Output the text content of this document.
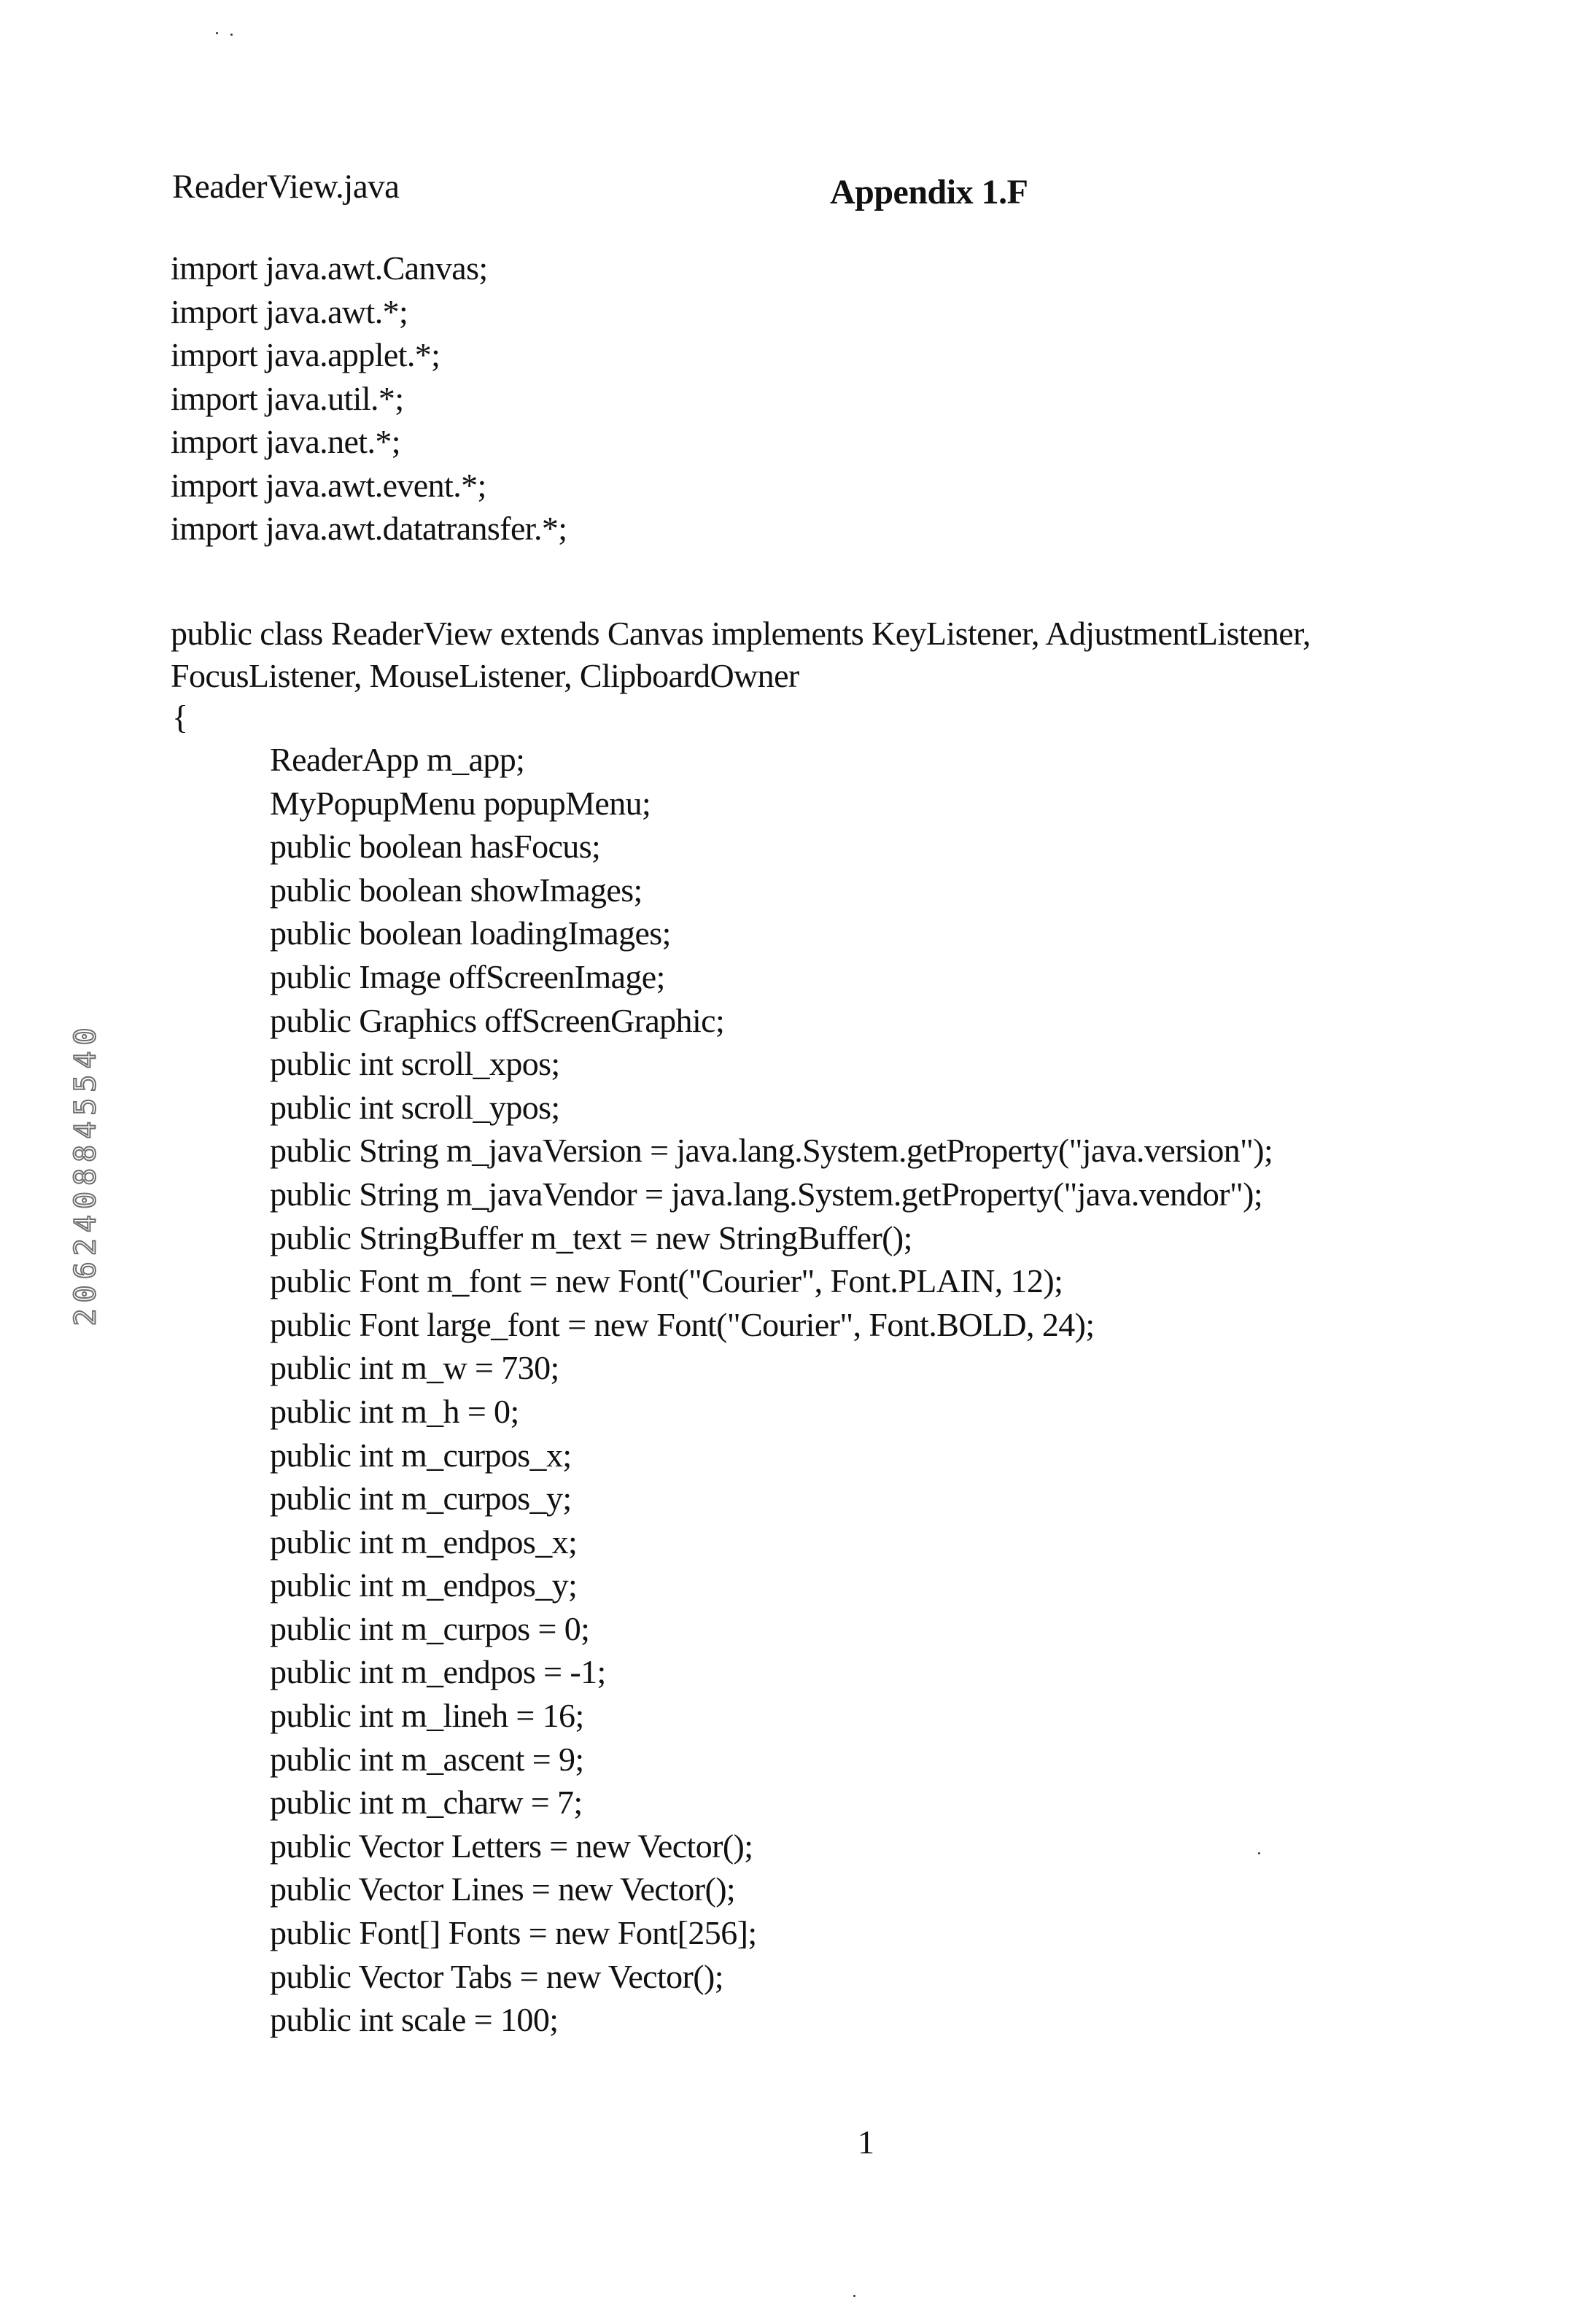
ReaderView.java	Appendix 1.F
2062408845540
import java.awt.Canvas;
import java.awt.*;
import java.applet.*;
import java.util.*;
import java.net.*;
import java.awt.event.*;
import java.awt.datatransfer.*;
public class ReaderView extends Canvas implements KeyListener, AdjustmentListener,
FocusListener, MouseListener, ClipboardOwner
{
ReaderApp m_app;
MyPopupMenu popupMenu;
public boolean hasFocus;
public boolean showImages;
public boolean loadingImages;
public Image offScreenImage;
public Graphics offScreenGraphic;
public int scroll_xpos;
public int scroll_ypos;
public String m_javaVersion = java.lang.System.getProperty("java.version");
public String m_javaVendor = java.lang.System.getProperty("java.vendor");
public StringBuffer m_text = new StringBuffer();
public Font m_font = new Font("Courier", Font.PLAIN, 12);
public Font large_font = new Font("Courier", Font.BOLD, 24);
public int m_w = 730;
public int m_h = 0;
public int m_curpos_x;
public int m_curpos_y;
public int m_endpos_x;
public int m_endpos_y;
public int m_curpos = 0;
public int m_endpos = -1;
public int m_lineh = 16;
public int m_ascent = 9;
public int m_charw = 7;
public Vector Letters = new Vector();
public Vector Lines = new Vector();
public Font[] Fonts = new Font[256];
public Vector Tabs = new Vector();
public int scale = 100;
1
